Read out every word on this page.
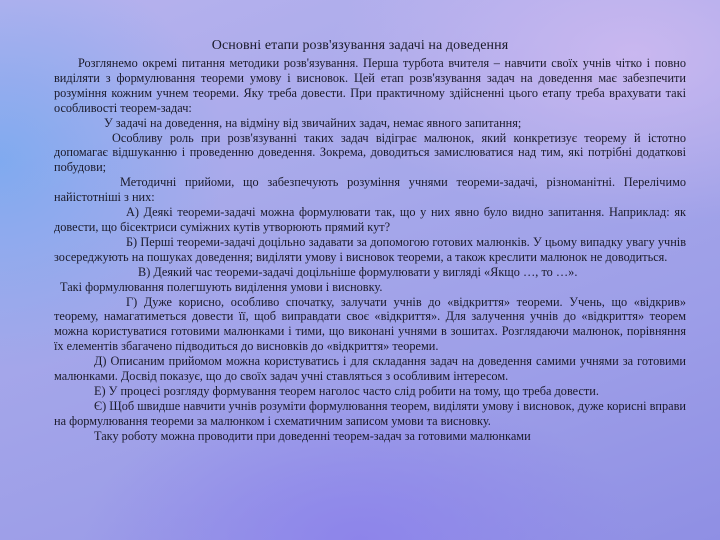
Основні етапи розв'язування задачі на доведення

Розглянемо окремі питання методики розв'язування. Перша турбота вчителя – навчити своїх учнів чітко і повно виділяти з формулювання теореми умову і висновок. Цей етап розв'язування задач на доведення має забезпечити розуміння кожним учнем теореми. Яку треба довести. При практичному здійсненні цього етапу треба врахувати такі особливості теорем-задач:

У задачі на доведення, на відміну від звичайних задач, немає явного запитання;

Особливу роль при розв'язуванні таких задач відіграє малюнок, який конкретизує теорему й істотно допомагає відшуканню і проведенню доведення. Зокрема, доводиться замислюватися над тим, які потрібні додаткові побудови;

Методичні прийоми, що забезпечують розуміння учнями теореми-задачі, різноманітні. Перелічимо найістотніші з них:

А) Деякі теореми-задачі можна формулювати так, що у них явно було видно запитання. Наприклад: як довести, що бісектриси суміжних кутів утворюють прямий кут?

Б) Перші теореми-задачі доцільно задавати за допомогою готових малюнків. У цьому випадку увагу учнів зосереджують на пошуках доведення; виділяти умову і висновок теореми, а також креслити малюнок не доводиться.

В) Деякий час теореми-задачі доцільніше формулювати у вигляді «Якщо …, то …».

Такі формулювання полегшують виділення умови і висновку.

Г) Дуже корисно, особливо спочатку, залучати учнів до «відкриття» теореми. Учень, що «відкрив» теорему, намагатиметься довести її, щоб виправдати своє «відкриття». Для залучення учнів до «відкриття» теорем можна користуватися готовими малюнками і тими, що виконані учнями в зошитах. Розглядаючи малюнок, порівняння їх елементів збагачено підводиться до висновків до «відкриття» теореми.

Д) Описаним прийомом можна користуватись і для складання задач на доведення самими учнями за готовими малюнками. Досвід показує, що до своїх задач учні ставляться з особливим інтересом.

Е) У процесі розгляду формування теорем наголос часто слід робити на тому, що треба довести.

Є) Щоб швидше навчити учнів розуміти формулювання теорем, виділяти умову і висновок, дуже корисні вправи на формулювання теореми за малюнком і схематичним записом умови та висновку.

Таку роботу можна проводити при доведенні теорем-задач за готовими малюнками
